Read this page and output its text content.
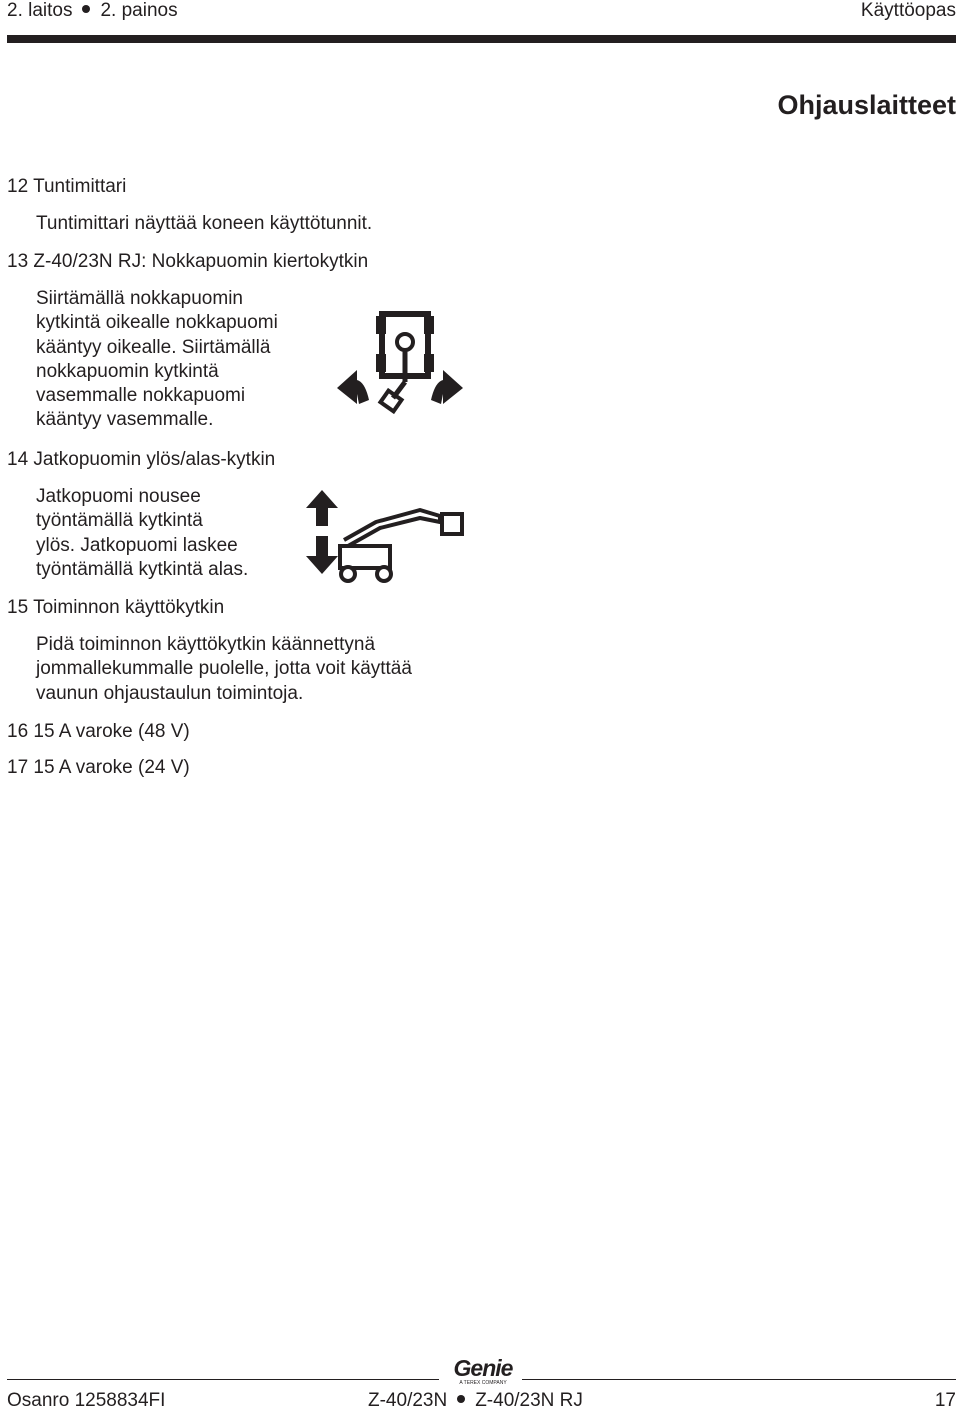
2. laitos 2. painos	Käyttöopas
Ohjauslaitteet
12 Tuntimittari
Tuntimittari näyttää koneen käyttötunnit.
13 Z-40/23N RJ: Nokkapuomin kiertokytkin
Siirtämällä nokkapuomin
kytkintä oikealle nokkapuomi
kääntyy oikealle. Siirtämällä
nokkapuomin kytkintä
vasemmalle nokkapuomi
kääntyy vasemmalle.
14 Jatkopuomin ylös/alas-kytkin
Jatkopuomi nousee
työntämällä kytkintä
ylös. Jatkopuomi laskee
työntämällä kytkintä alas.
15 Toiminnon käyttökytkin
Pidä toiminnon käyttökytkin käännettynä
jommallekummalle puolelle, jotta voit käyttää
vaunun ohjaustaulun toimintoja.
16 15 A varoke (48 V)
17 15 A varoke (24 V)
Genie
A TEREX COMPANY
Osanro 1258834FI	Z-40/23N Z-40/23N RJ	17
